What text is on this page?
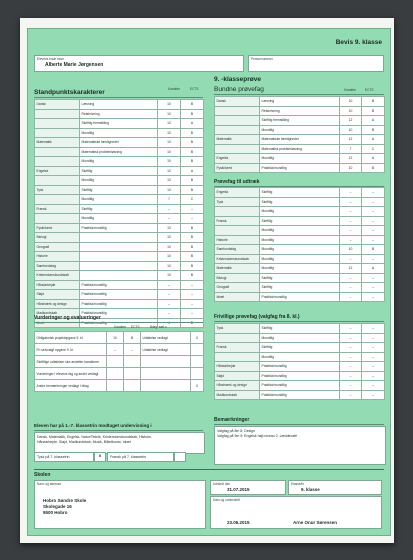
Bevis 9. klasse
Elevens fulde navn
Alberte Marie Jørgensen
Personnummer
Standpunktskarakterer	Karakter	ECTS
Dansk	Læsning	10	B
	Retskrivning	10	B
	Skriftlig fremstilling	12	A
	Mundtlig	10	B
Matematik	Matematiske færdigheder	10	B
	Matematisk problemløsning	10	B
	Mundtlig	10	B
Engelsk	Skriftlig	12	A
	Mundtlig	10	B
Tysk	Skriftlig	10	B
	Mundtlig	7	C
Fransk	Skriftlig	–	–
	Mundtlig	–	–
Fysik/kemi	Praktisk/mundtlig	10	B
Biologi		10	B
Geografi		10	B
Historie		10	B
Samfundsfag		10	B
Kristendomskundskab		10	B
Håndarbejde	Praktisk/mundtlig	–	–
Sløjd	Praktisk/mundtlig	–	–
Håndværk og design	Praktisk/mundtlig	–	–
Madkundskab	Praktisk/mundtlig	–	–

Vurderinger og evalueringer
Karakter ECTS	Bilag, sæt x
Obligatorisk projektopgave 9. kl.	10	B	Udtalelse vedlagt	X
Fri selvvalgt opgave 9. kl.	–	–	Udtalelse vedlagt	
Skriftlige udtalelser ske andetter karakterer				
Vurderinger i elevens fag og andet vedlagt				
Andre bemærkninger vedlagt i bilag				X
Eleven har på 1.-7. klassetrin modtaget undervisning i
Dansk, Matematik, Engelsk, Natur/Teknik, Kristendomskundskab, Historie,
Håndarbejde, Sløjd, Madkundskab, Musik, Billedkunst, Idræt
Tysk på 7. klassetrin	X	Fransk på 7. klassetrin
9. -klasseprøve
Bundne prøvefag	Karakter	ECTS
Dansk	Læsning	10	B
	Retskrivning	10	B
	Skriftlig fremstilling	12	A
	Mundtlig	10	B
Matematik	Matematiske færdigheder	12	A
	Matematisk problemløsning	7	C
Engelsk	Mundtlig	12	A
Fysik/kemi	Praktisk/mundtlig	10	B
Prøvefag til udtræk
Engelsk	Skriftlig	–	–
Tysk	Skriftlig	–	–
	Mundtlig	–	–
Fransk	Skriftlig	–	–
	Mundtlig	–	–
Historie	Mundtlig	–	–
Samfundsfag	Mundtlig	10	B
Kristendomskundskab	Mundtlig	–	–
Matematik	Mundtlig	12	A
Biologi	Skriftlig	–	–
Geografi	Skriftlig	–	–
Idræt	Praktisk/mundtlig	–	–
Frivillige prøvefag (valgfag fra 8. kl.)
Tysk	Skriftlig	–	–
	Mundtlig	–	–
Fransk	Skriftlig	–	–
	Mundtlig	–	–
Håndarbejde	Praktisk/mundtlig	–	–
Sløjd	Praktisk/mundtlig	–	–
Håndværk og design	Praktisk/mundtlig	–	–
Madkundskab	Praktisk/mundtlig	–	–
Bemærkninger
Valgfag på 8m 8: Design
Valgfag på 9m 9: Engelsk højt niveau 2, Læddecafé
Skolen
Navn og adresse
Hobro Søndre Skole
Skolegade 16
9500 Hobro
Udstedt den
31.07.2015
Klasse/hr
9. klasse
Dato og underskrift
23.06.2015	Arne Onur Sørensen
